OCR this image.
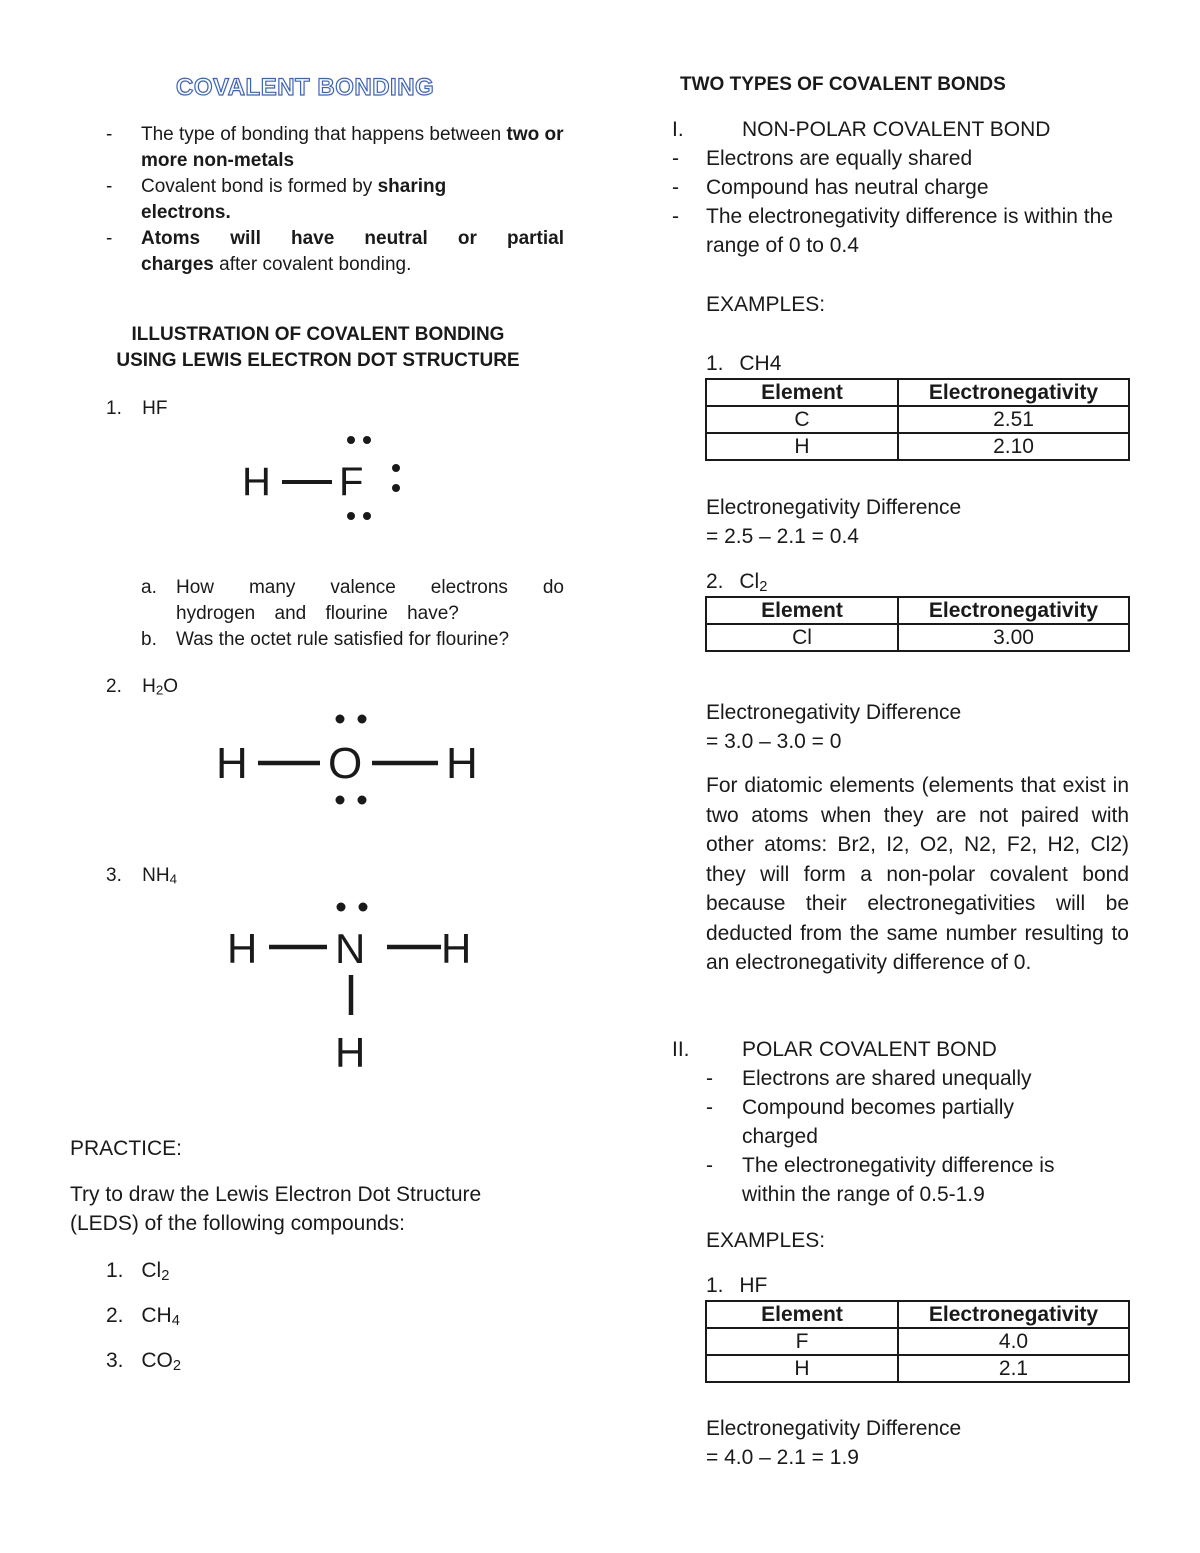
COVALENT BONDING
- The type of bonding that happens between two or more non-metals
- Covalent bond is formed by sharing electrons.
- Atoms will have neutral or partial charges after covalent bonding.
ILLUSTRATION OF COVALENT BONDING
USING LEWIS ELECTRON DOT STRUCTURE
1. HF
H F
a. How many valence electrons do hydrogen and flourine have?
b. Was the octet rule satisfied for flourine?
2. $H_2O$
H O H
3. $NH_4$
H N H
H
PRACTICE:
Try to draw the Lewis Electron Dot Structure
(LEDS) of the following compounds:
1. $Cl_2$
2. $CH_4$
3. $CO_2$
TWO TYPES OF COVALENT BONDS
I.	NON-POLAR COVALENT BOND
- Electrons are equally shared
- Compound has neutral charge
- The electronegativity difference is within the range of 0 to 0.4
EXAMPLES:
1. CH4
Element	Electronegativity
C	2.51
H	2.10
Electronegativity Difference
= 2.5 – 2.1 = 0.4
2. $Cl_2$
Element	Electronegativity
Cl	3.00
Electronegativity Difference
= 3.0 – 3.0 = 0
For diatomic elements (elements that exist in two atoms when they are not paired with other atoms: Br2, I2, O2, N2, F2, H2, Cl2) they will form a non-polar covalent bond because their electronegativities will be deducted from the same number resulting to an electronegativity difference of 0.
II. POLAR COVALENT BOND
- Electrons are shared unequally
- Compound becomes partially charged
- The electronegativity difference is within the range of 0.5-1.9
EXAMPLES:
1. HF
Element	Electronegativity
F	4.0
H	2.1
Electronegativity Difference
= 4.0 – 2.1 = 1.9
